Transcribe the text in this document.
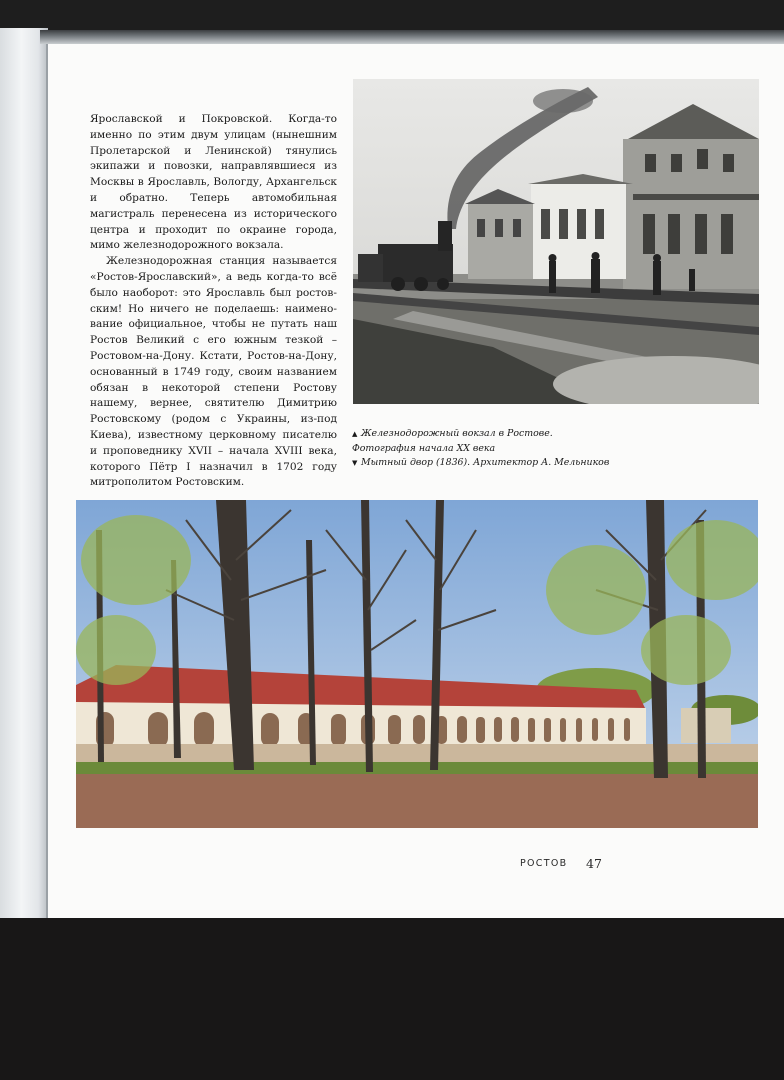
Ярославской и Покровской. Когда-то именно по этим двум улицам (нынешним Пролетарской и Ленинской) тянулись экипажи и повозки, направлявшиеся из Москвы в Ярославль, Вологду, Архангельск и обратно. Теперь автомобильная магистраль перенесена из исторического центра и проходит по окраине города, мимо железнодорожного вокзала.

Железнодорожная станция называется «Ростов-Ярославский», а ведь когда-то всё было наоборот: это Ярославль был ростовским! Но ничего не поделаешь: наименование официальное, чтобы не путать наш Ростов Великий с его южным тезкой – Ростовом-на-Дону. Кстати, Ростов-на-Дону, основанный в 1749 году, своим названием обязан в некоторой степени Ростову нашему, вернее, святителю Димитрию Ростовскому (родом с Украины, из-под Киева), известному церковному писателю и проповеднику XVII – начала XVIII века, которого Пётр I назначил в 1702 году митрополитом Ростовским.

▲ Железнодорожный вокзал в Ростове.
Фотография начала XX века
▼ Мытный двор (1836). Архитектор А. Мельников
РОСТОВ 47
